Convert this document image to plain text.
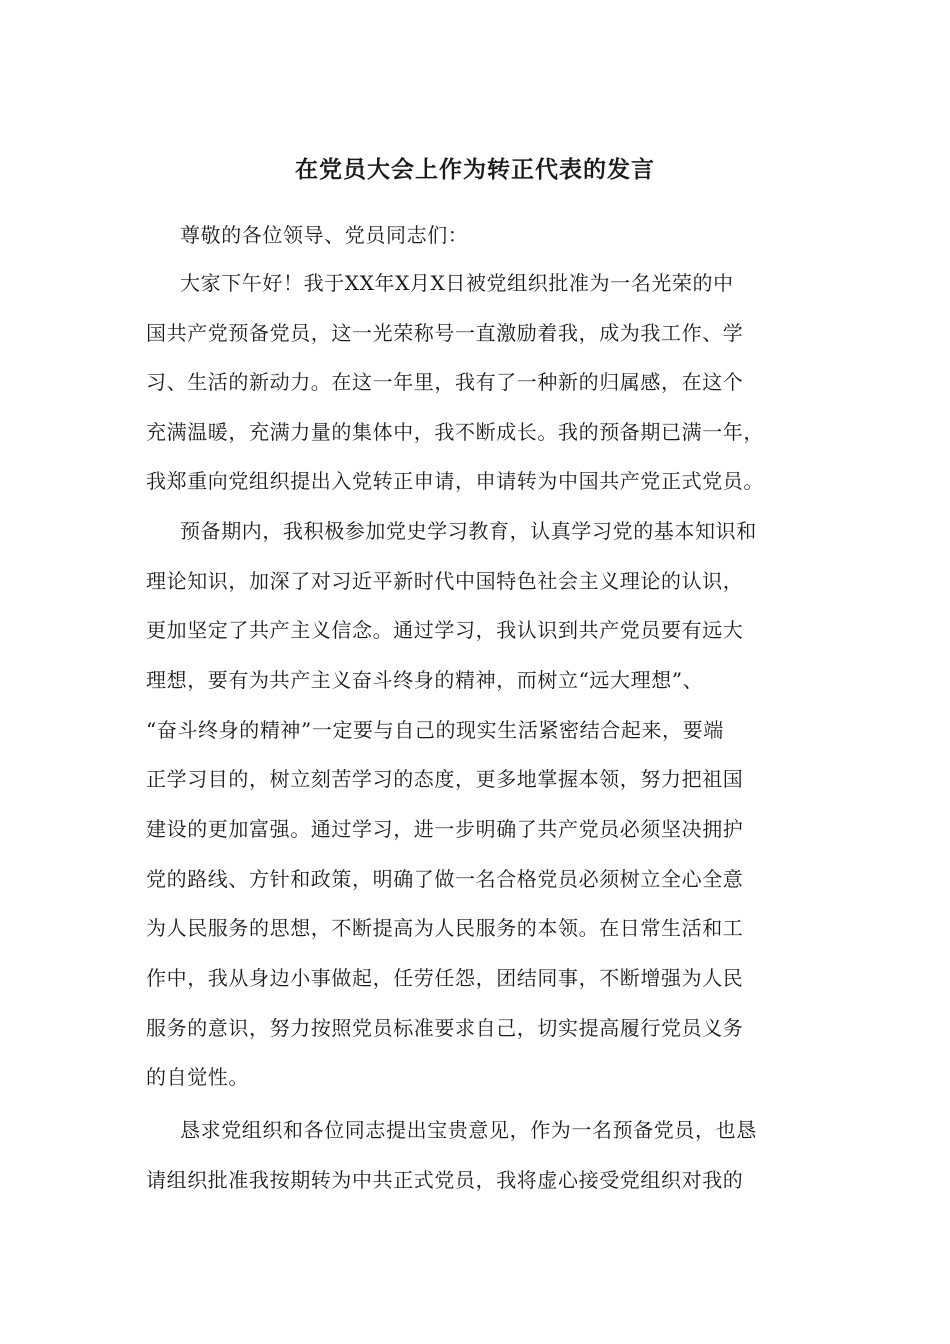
在党员大会上作为转正代表的发言
尊敬的各位领导、党员同志们：
大家下午好！我于XX年X月X日被党组织批准为一名光荣的中
国共产党预备党员，这一光荣称号一直激励着我，成为我工作、学
习、生活的新动力。在这一年里，我有了一种新的归属感，在这个
充满温暖，充满力量的集体中，我不断成长。我的预备期已满一年，
我郑重向党组织提出入党转正申请，申请转为中国共产党正式党员。
预备期内，我积极参加党史学习教育，认真学习党的基本知识和
理论知识，加深了对习近平新时代中国特色社会主义理论的认识，
更加坚定了共产主义信念。通过学习，我认识到共产党员要有远大
理想，要有为共产主义奋斗终身的精神，而树立“远大理想”、
“奋斗终身的精神”一定要与自己的现实生活紧密结合起来，要端
正学习目的，树立刻苦学习的态度，更多地掌握本领，努力把祖国
建设的更加富强。通过学习，进一步明确了共产党员必须坚决拥护
党的路线、方针和政策，明确了做一名合格党员必须树立全心全意
为人民服务的思想，不断提高为人民服务的本领。在日常生活和工
作中，我从身边小事做起，任劳任怨，团结同事，不断增强为人民
服务的意识，努力按照党员标准要求自己，切实提高履行党员义务
的自觉性。
恳求党组织和各位同志提出宝贵意见，作为一名预备党员，也恳
请组织批准我按期转为中共正式党员，我将虚心接受党组织对我的
